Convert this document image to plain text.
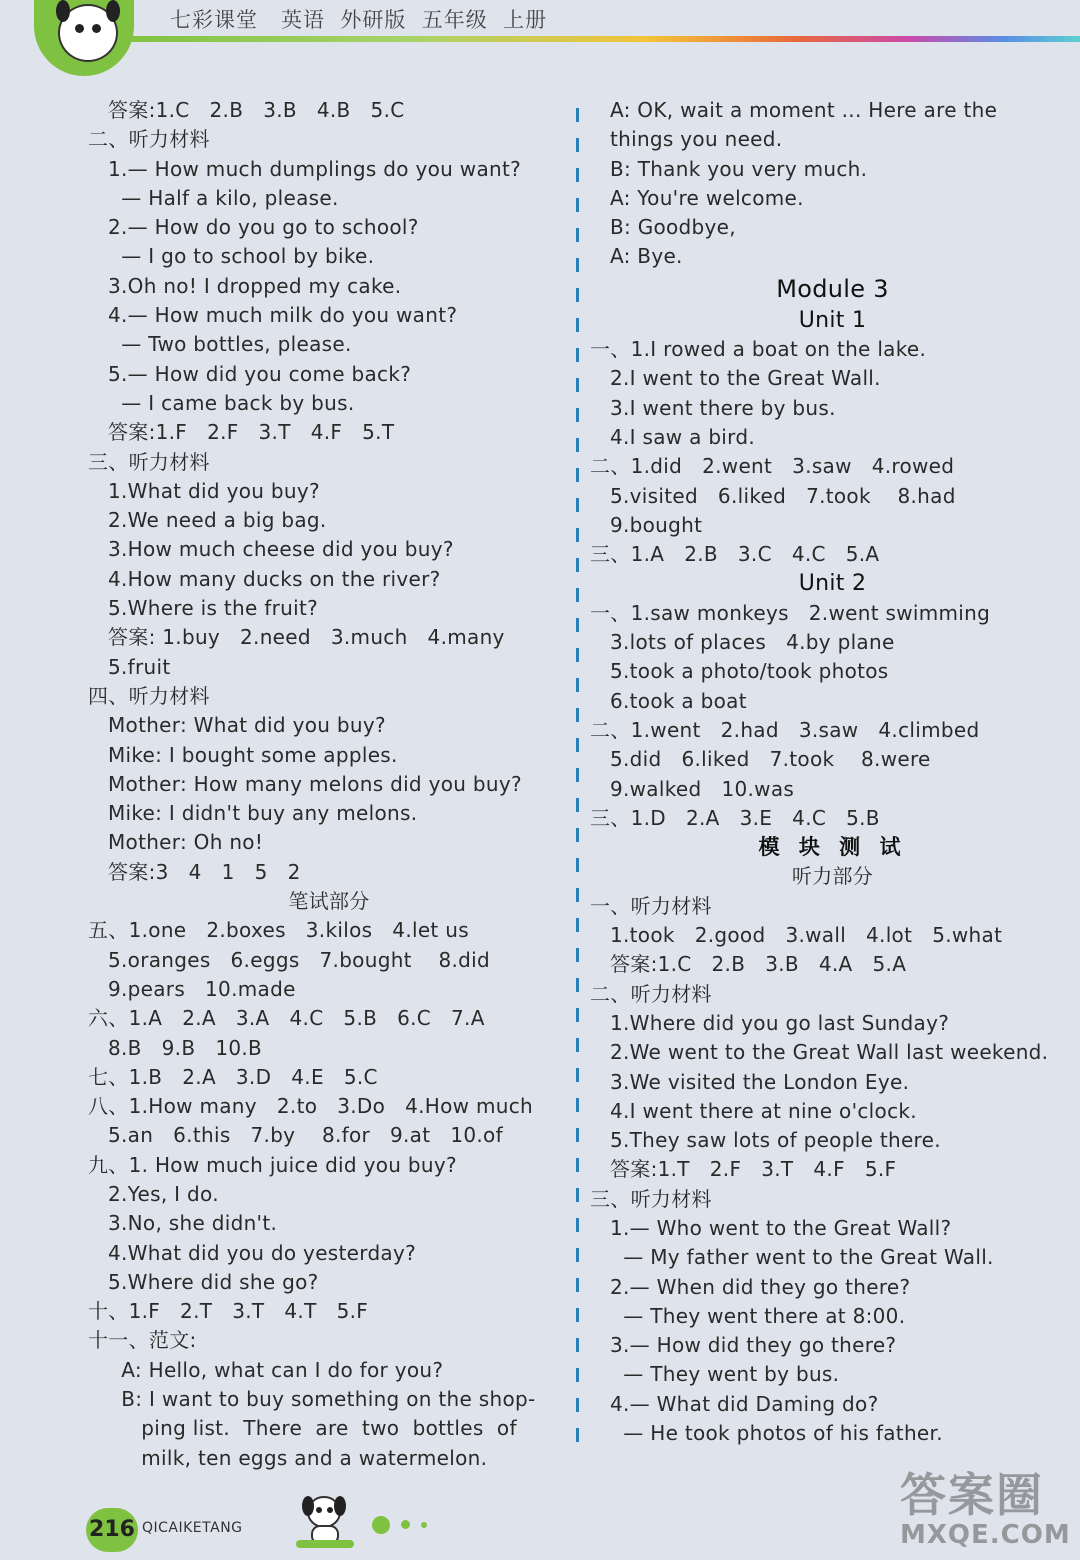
七彩课堂   英语  外研版  五年级  上册
答案:1.C   2.B   3.B   4.B   5.C
二、听力材料
1.— How much dumplings do you want?
— Half a kilo, please.
2.— How do you go to school?
— I go to school by bike.
3.Oh no! I dropped my cake.
4.— How much milk do you want?
— Two bottles, please.
5.— How did you come back?
— I came back by bus.
答案:1.F   2.F   3.T   4.F   5.T
三、听力材料
1.What did you buy?
2.We need a big bag.
3.How much cheese did you buy?
4.How many ducks on the river?
5.Where is the fruit?
答案: 1.buy   2.need   3.much   4.many
5.fruit
四、听力材料
Mother: What did you buy?
Mike: I bought some apples.
Mother: How many melons did you buy?
Mike: I didn't buy any melons.
Mother: Oh no!
答案:3   4   1   5   2
笔试部分
五、1.one   2.boxes   3.kilos   4.let us
5.oranges   6.eggs   7.bought    8.did
9.pears   10.made
六、1.A   2.A   3.A   4.C   5.B   6.C   7.A
8.B   9.B   10.B
七、1.B   2.A   3.D   4.E   5.C
八、1.How many   2.to   3.Do   4.How much
5.an   6.this   7.by    8.for   9.at   10.of
九、1. How much juice did you buy?
2.Yes, I do.
3.No, she didn't.
4.What did you do yesterday?
5.Where did she go?
十、1.F   2.T   3.T   4.T   5.F
十一、范文:
A: Hello, what can I do for you?
B: I want to buy something on the shop-
ping list.  There  are  two  bottles  of
milk, ten eggs and a watermelon.
A: OK, wait a moment ... Here are the
things you need.
B: Thank you very much.
A: You're welcome.
B: Goodbye,
A: Bye.
Module 3
Unit 1
一、1.I rowed a boat on the lake.
2.I went to the Great Wall.
3.I went there by bus.
4.I saw a bird.
二、1.did   2.went   3.saw   4.rowed
5.visited   6.liked   7.took    8.had
9.bought
三、1.A   2.B   3.C   4.C   5.A
Unit 2
一、1.saw monkeys   2.went swimming
3.lots of places   4.by plane
5.took a photo/took photos
6.took a boat
二、1.went   2.had   3.saw   4.climbed
5.did   6.liked   7.took    8.were
9.walked   10.was
三、1.D   2.A   3.E   4.C   5.B
模 块 测 试
听力部分
一、听力材料
1.took   2.good   3.wall   4.lot   5.what
答案:1.C   2.B   3.B   4.A   5.A
二、听力材料
1.Where did you go last Sunday?
2.We went to the Great Wall last weekend.
3.We visited the London Eye.
4.I went there at nine o'clock.
5.They saw lots of people there.
答案:1.T   2.F   3.T   4.F   5.F
三、听力材料
1.— Who went to the Great Wall?
— My father went to the Great Wall.
2.— When did they go there?
— They went there at 8:00.
3.— How did they go there?
— They went by bus.
4.— What did Daming do?
— He took photos of his father.
216 QICAIKETANG

答案圈
MXQE.COM
